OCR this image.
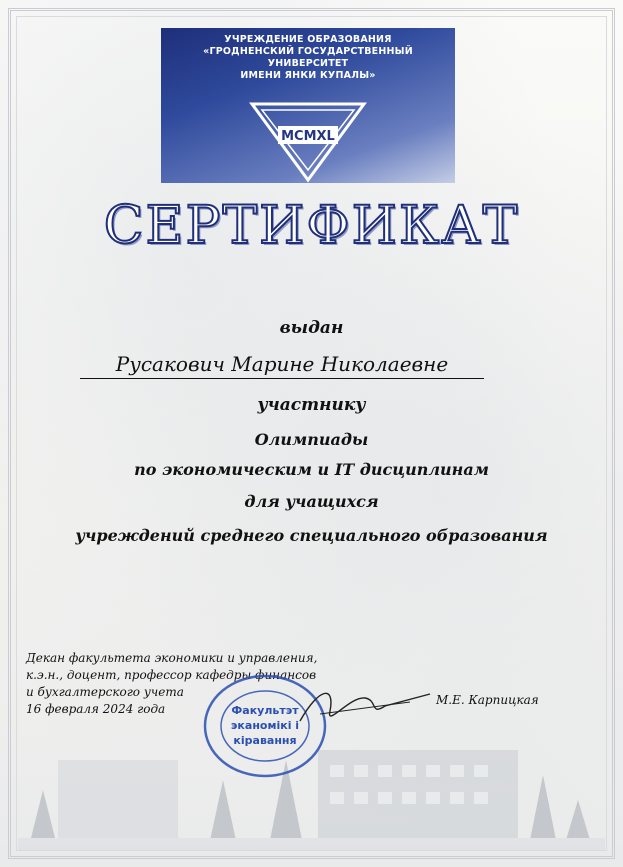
УЧРЕЖДЕНИЕ ОБРАЗОВАНИЯ
«ГРОДНЕНСКИЙ ГОСУДАРСТВЕННЫЙ
УНИВЕРСИТЕТ
ИМЕНИ ЯНКИ КУПАЛЫ»
MCMXL
СЕРТИФИКАТ
выдан
Русакович Марине Николаевне
участнику
Олимпиады
по экономическим и IT дисциплинам
для учащихся
учреждений среднего специального образования
Декан факультета экономики и управления,
к.э.н., доцент, профессор кафедры финансов
и бухгалтерского учета
16 февраля 2024 года	Факультэт
эканомікі і
кіравання
М.Е. Карпицкая
